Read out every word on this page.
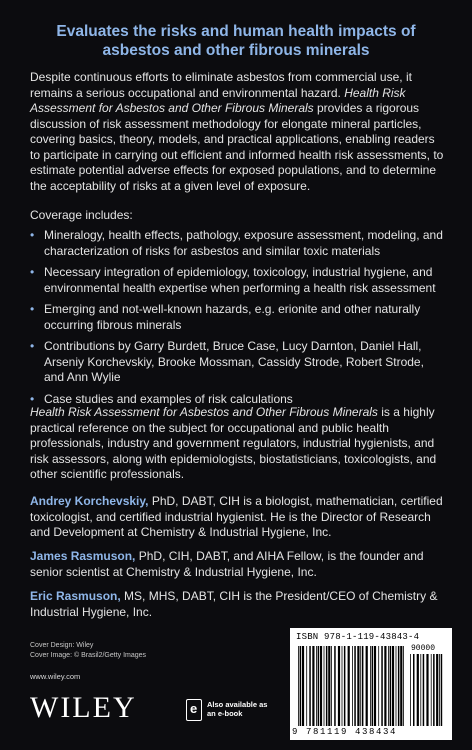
Evaluates the risks and human health impacts of asbestos and other fibrous minerals
Despite continuous efforts to eliminate asbestos from commercial use, it remains a serious occupational and environmental hazard. Health Risk Assessment for Asbestos and Other Fibrous Minerals provides a rigorous discussion of risk assessment methodology for elongate mineral particles, covering basics, theory, models, and practical applications, enabling readers to participate in carrying out efficient and informed health risk assessments, to estimate potential adverse effects for exposed populations, and to determine the acceptability of risks at a given level of exposure.
Coverage includes:
• Mineralogy, health effects, pathology, exposure assessment, modeling, and characterization of risks for asbestos and similar toxic materials
• Necessary integration of epidemiology, toxicology, industrial hygiene, and environmental health expertise when performing a health risk assessment
• Emerging and not-well-known hazards, e.g. erionite and other naturally occurring fibrous minerals
• Contributions by Garry Burdett, Bruce Case, Lucy Darnton, Daniel Hall, Arseniy Korchevskiy, Brooke Mossman, Cassidy Strode, Robert Strode, and Ann Wylie
• Case studies and examples of risk calculations
Health Risk Assessment for Asbestos and Other Fibrous Minerals is a highly practical reference on the subject for occupational and public health professionals, industry and government regulators, industrial hygienists, and risk assessors, along with epidemiologists, biostatisticians, toxicologists, and other scientific professionals.
Andrey Korchevskiy, PhD, DABT, CIH is a biologist, mathematician, certified toxicologist, and certified industrial hygienist. He is the Director of Research and Development at Chemistry & Industrial Hygiene, Inc.
James Rasmuson, PhD, CIH, DABT, and AIHA Fellow, is the founder and senior scientist at Chemistry & Industrial Hygiene, Inc.
Eric Rasmuson, MS, MHS, DABT, CIH is the President/CEO of Chemistry & Industrial Hygiene, Inc.
Cover Design: Wiley
Cover Image: © Brasil2/Getty Images
www.wiley.com
WILEY
e	Also available as an e-book
ISBN 978-1-119-43843-4
90000
9 781119 438434
